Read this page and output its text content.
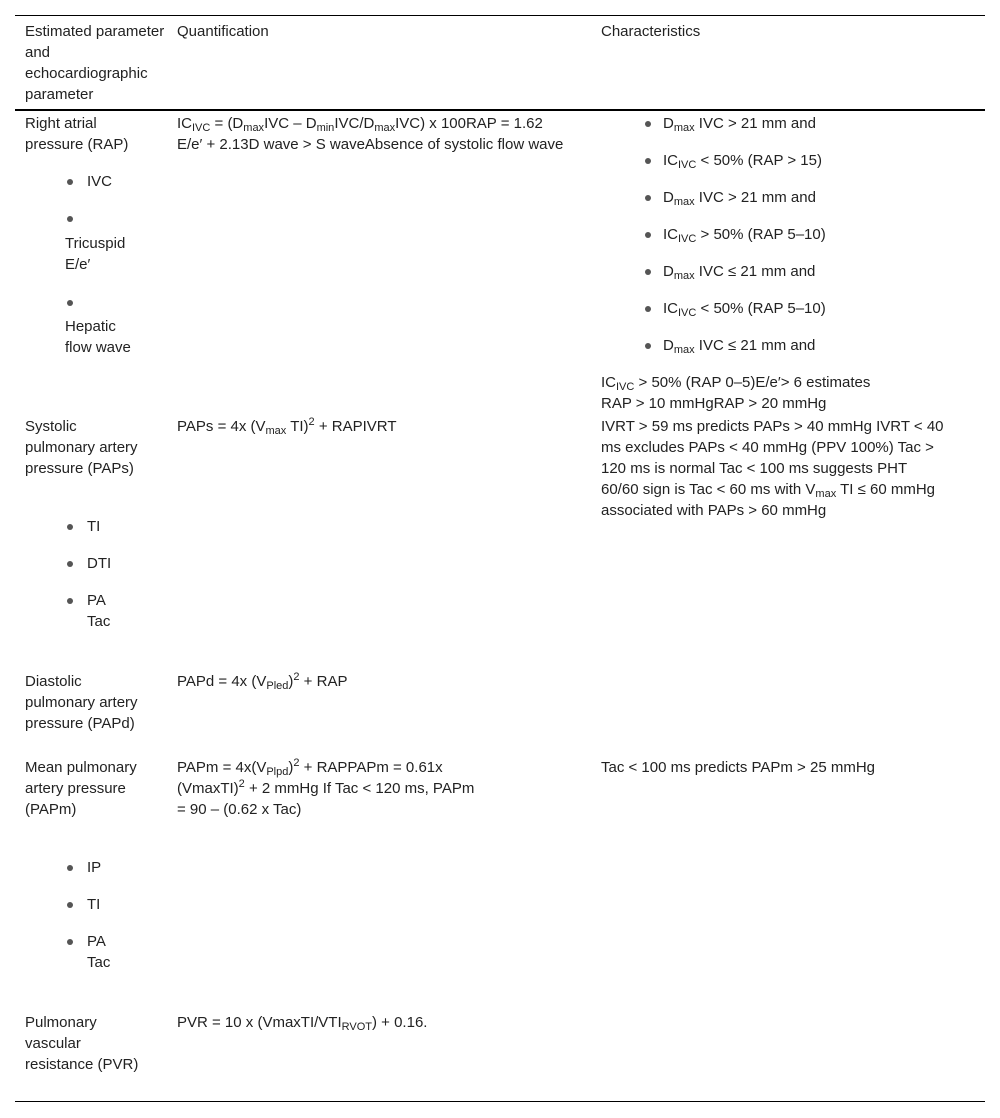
Estimated parameter and echocardiographic parameter
Quantification	Characteristics
Right atrial pressure (RAP)
IVC
Tricuspid E/e′
Hepatic flow wave
$IC_{IVC} = (D_{max}IVC - D_{min}IVC/D_{max}IVC)$ x 100RAP = 1.62 E/e′ + 2.13D wave > S waveAbsence of systolic flow wave
$D_{max}$ IVC > 21 mm and
$IC_{IVC} < 50\%$ (RAP > 15)
$D_{max}$ IVC > 21 mm and
$IC_{IVC} > 50\%$ (RAP 5–10)
$D_{max}$ IVC ≤ 21 mm and
$IC_{IVC} < 50\%$ (RAP 5–10)
$D_{max}$ IVC ≤ 21 mm and
$IC_{IVC} > 50\%$ (RAP 0–5)E/e′> 6 estimates RAP > 10 mmHgRAP > 20 mmHg
Systolic pulmonary artery pressure (PAPs)
TI
DTI
PA Tac
PAPs = 4x ($V_{max}$ TI)$^2$ + RAPIVRT	IVRT > 59 ms predicts PAPs > 40 mmHg IVRT < 40 ms excludes PAPs < 40 mmHg (PPV 100%) Tac > 120 ms is normal Tac < 100 ms suggests PHT 60/60 sign is Tac < 60 ms with $V_{max}$ TI ≤ 60 mmHg associated with PAPs > 60 mmHg
Diastolic pulmonary artery pressure (PAPd)
PAPd = 4x $(V_{Pled})^2$ + RAP
Mean pulmonary artery pressure (PAPm)
IP
TI
PA Tac
PAPm = $4x(V_{Plpd})^2$ + RAPPAPm = 0.61x (VmaxTI)$^2$ + 2 mmHg If Tac < 120 ms, PAPm = 90 – (0.62 x Tac)
Tac < 100 ms predicts PAPm > 25 mmHg
Pulmonary vascular resistance (PVR)
PVR = 10 x $(VmaxTI/VTI_{RVOT}) + 0.16$.
